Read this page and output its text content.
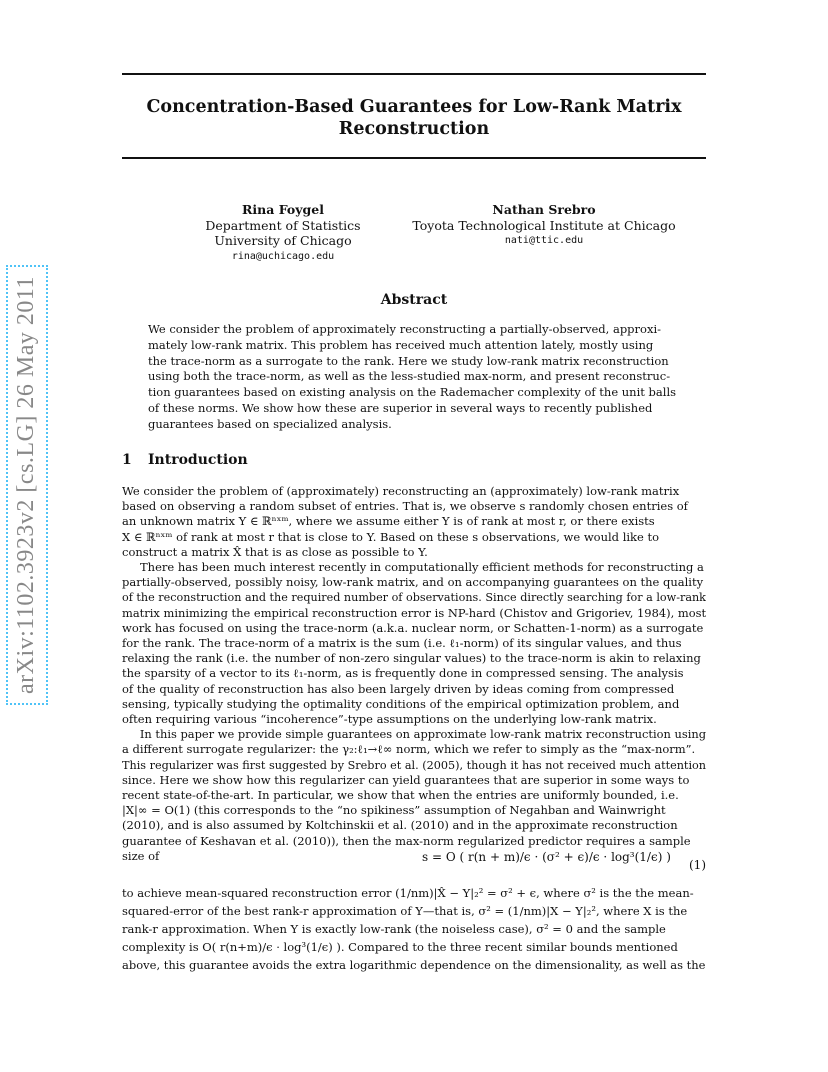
arXiv:1102.3923v2 [cs.LG] 26 May 2011
Concentration-Based Guarantees for Low-Rank Matrix
Reconstruction
Rina Foygel
Department of Statistics
University of Chicago
rina@uchicago.edu
Nathan Srebro
Toyota Technological Institute at Chicago
nati@ttic.edu
Abstract
We consider the problem of approximately reconstructing a partially-observed, approxi-
mately low-rank matrix. This problem has received much attention lately, mostly using
the trace-norm as a surrogate to the rank. Here we study low-rank matrix reconstruction
using both the trace-norm, as well as the less-studied max-norm, and present reconstruc-
tion guarantees based on existing analysis on the Rademacher complexity of the unit balls
of these norms. We show how these are superior in several ways to recently published
guarantees based on specialized analysis.
1 Introduction
We consider the problem of (approximately) reconstructing an (approximately) low-rank matrix
based on observing a random subset of entries. That is, we observe s randomly chosen entries of
an unknown matrix Y ∈ ℝⁿˣᵐ, where we assume either Y is of rank at most r, or there exists
X ∈ ℝⁿˣᵐ of rank at most r that is close to Y. Based on these s observations, we would like to
construct a matrix X̂ that is as close as possible to Y.
There has been much interest recently in computationally efficient methods for reconstructing a
partially-observed, possibly noisy, low-rank matrix, and on accompanying guarantees on the quality
of the reconstruction and the required number of observations. Since directly searching for a low-rank
matrix minimizing the empirical reconstruction error is NP-hard (Chistov and Grigoriev, 1984), most
work has focused on using the trace-norm (a.k.a. nuclear norm, or Schatten-1-norm) as a surrogate
for the rank. The trace-norm of a matrix is the sum (i.e. ℓ₁-norm) of its singular values, and thus
relaxing the rank (i.e. the number of non-zero singular values) to the trace-norm is akin to relaxing
the sparsity of a vector to its ℓ₁-norm, as is frequently done in compressed sensing. The analysis
of the quality of reconstruction has also been largely driven by ideas coming from compressed
sensing, typically studying the optimality conditions of the empirical optimization problem, and
often requiring various “incoherence”-type assumptions on the underlying low-rank matrix.
In this paper we provide simple guarantees on approximate low-rank matrix reconstruction using
a different surrogate regularizer: the γ₂:ℓ₁→ℓ∞ norm, which we refer to simply as the “max-norm”.
This regularizer was first suggested by Srebro et al. (2005), though it has not received much attention
since. Here we show how this regularizer can yield guarantees that are superior in some ways to
recent state-of-the-art. In particular, we show that when the entries are uniformly bounded, i.e.
|X|∞ = O(1) (this corresponds to the “no spikiness” assumption of Negahban and Wainwright
(2010), and is also assumed by Koltchinskii et al. (2010) and in the approximate reconstruction
guarantee of Keshavan et al. (2010)), then the max-norm regularized predictor requires a sample
size of	s = O ( r(n + m)/ϵ · (σ² + ϵ)/ϵ · log³(1/ϵ) )
(1)
to achieve mean-squared reconstruction error (1/nm)|X̂ − Y|₂² = σ² + ϵ, where σ² is the the mean-
squared-error of the best rank-r approximation of Y—that is, σ² = (1/nm)|X − Y|₂², where X is the
rank-r approximation. When Y is exactly low-rank (the noiseless case), σ² = 0 and the sample
complexity is O( r(n+m)/ϵ · log³(1/ϵ) ). Compared to the three recent similar bounds mentioned
above, this guarantee avoids the extra logarithmic dependence on the dimensionality, as well as the
